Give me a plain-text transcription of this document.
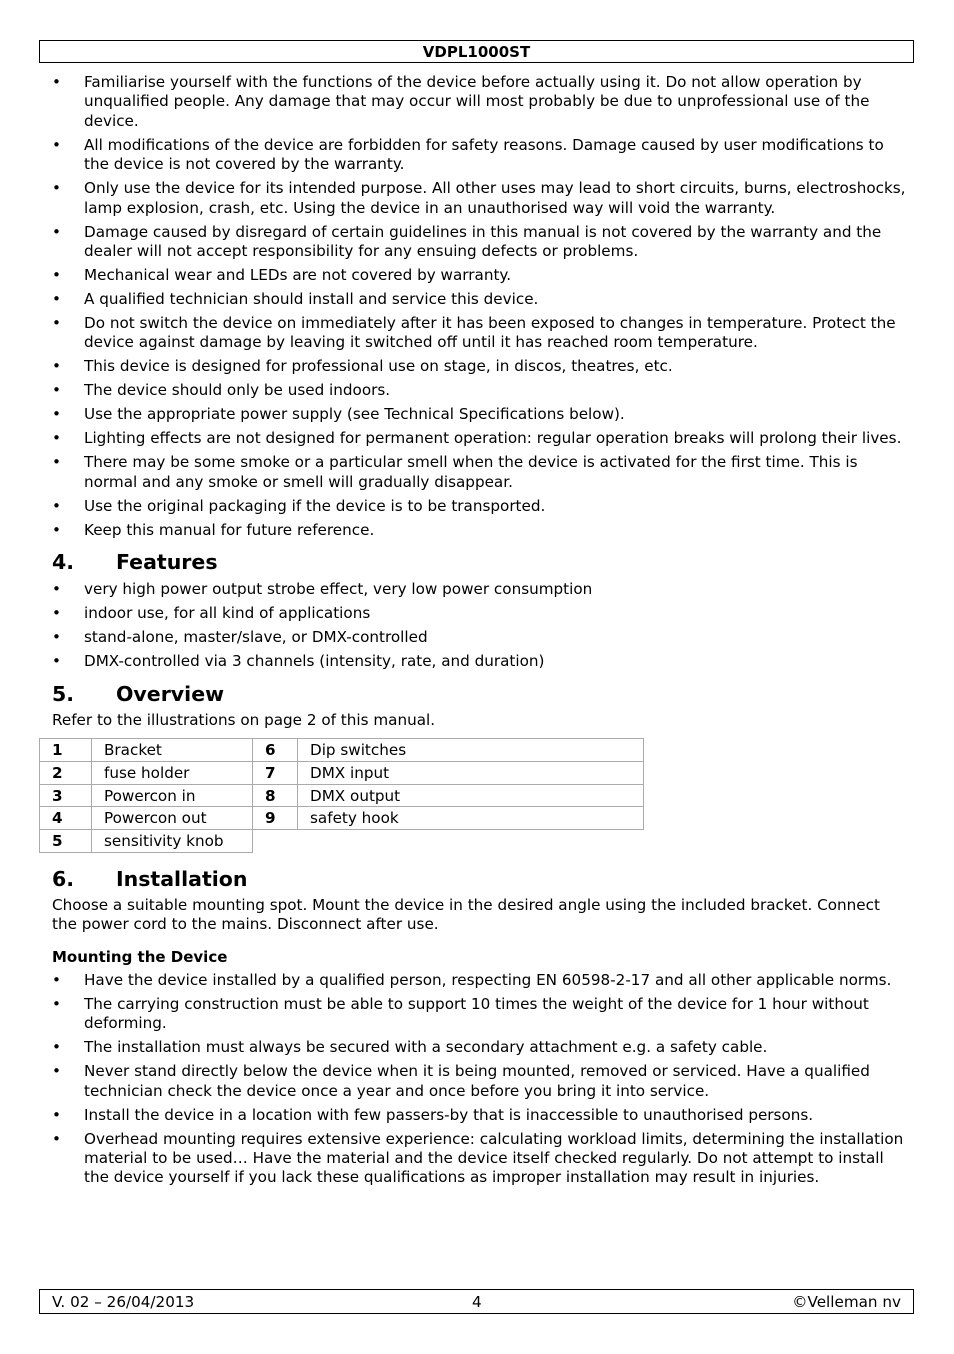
VDPL1000ST
• Familiarise yourself with the functions of the device before actually using it. Do not allow operation by unqualified people. Any damage that may occur will most probably be due to unprofessional use of the device.
• All modifications of the device are forbidden for safety reasons. Damage caused by user modifications to the device is not covered by the warranty.
• Only use the device for its intended purpose. All other uses may lead to short circuits, burns, electroshocks, lamp explosion, crash, etc. Using the device in an unauthorised way will void the warranty.
• Damage caused by disregard of certain guidelines in this manual is not covered by the warranty and the dealer will not accept responsibility for any ensuing defects or problems.
• Mechanical wear and LEDs are not covered by warranty.
• A qualified technician should install and service this device.
• Do not switch the device on immediately after it has been exposed to changes in temperature. Protect the device against damage by leaving it switched off until it has reached room temperature.
• This device is designed for professional use on stage, in discos, theatres, etc.
• The device should only be used indoors.
• Use the appropriate power supply (see Technical Specifications below).
• Lighting effects are not designed for permanent operation: regular operation breaks will prolong their lives.
• There may be some smoke or a particular smell when the device is activated for the first time. This is normal and any smoke or smell will gradually disappear.
• Use the original packaging if the device is to be transported.
• Keep this manual for future reference.
4. Features
• very high power output strobe effect, very low power consumption
• indoor use, for all kind of applications
• stand-alone, master/slave, or DMX-controlled
• DMX-controlled via 3 channels (intensity, rate, and duration)
5. Overview

Refer to the illustrations on page 2 of this manual.

1	Bracket	6	Dip switches
2	fuse holder	7	DMX input
3	Powercon in	8	DMX output
4	Powercon out	9	safety hook
5	sensitivity knob		
6. Installation

Choose a suitable mounting spot. Mount the device in the desired angle using the included bracket. Connect the power cord to the mains. Disconnect after use.

Mounting the Device
• Have the device installed by a qualified person, respecting EN 60598-2-17 and all other applicable norms.
• The carrying construction must be able to support 10 times the weight of the device for 1 hour without deforming.
• The installation must always be secured with a secondary attachment e.g. a safety cable.
• Never stand directly below the device when it is being mounted, removed or serviced. Have a qualified technician check the device once a year and once before you bring it into service.
• Install the device in a location with few passers-by that is inaccessible to unauthorised persons.
• Overhead mounting requires extensive experience: calculating workload limits, determining the installation material to be used… Have the material and the device itself checked regularly. Do not attempt to install the device yourself if you lack these qualifications as improper installation may result in injuries.
V. 02 – 26/04/2013	4	©Velleman nv
